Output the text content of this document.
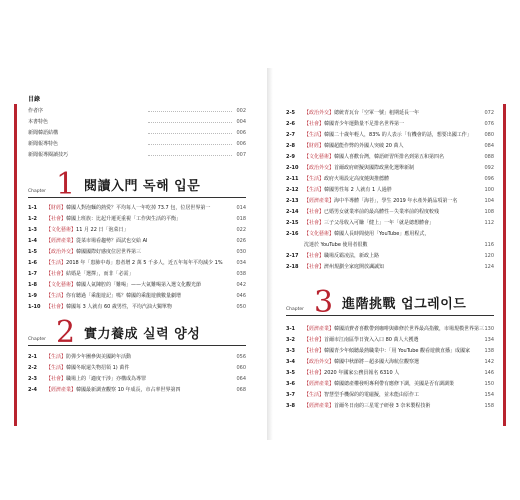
目錄
作者序	002
本書特色	004
新聞韓語結構	006
新聞報導特色	006
新聞報導閱讀技巧	007
Chapter 1 閱讀入門 독해 입문
1-1	【財經】韓國人對泡麵的熱愛？平均每人一年吃掉 73.7 包，位居世界第一	014
1-2	【社會】韓國上班族：比起升遷更重視「工作與生活的平衡」	018
1-3	【文化藝術】11 月 22 日「泡菜日」	022
1-4	【經濟產業】從菜市場看趨勢？面試也交給 AI	026
1-5	【政治外交】韓國國際好感度位居世界第三	030
1-6	【生活】2018 年「患肺中毒」患者增 2 萬 5 千多人，近五年每年平均減少 1%	034
1-7	【社會】結婚是「選擇」，而非「必需」	038
1-8	【文化藝術】韓國人氣陳腔的「難喝」——大氣難喝第入選文化觀光節	042
1-9	【生活】你有聽過「乘龍遊記」嗎？韓國的乘龍遊戲數量劇增	046
1-10	【社會】韓國每 3 人就有 60 歲男性，平均汽油大獨單物	050
Chapter 2 實力養成 실력 양성
2-1	【生活】防彈少年團參與美國跨年活動	056
2-2	【生活】韓國冬眠還失物招領 1) 萬件	060
2-3	【社會】職場上的「適度干涉」亦構成為導罪	064
2-4	【經濟產業】韓國最新調查觀察 10 年成長，市占率世界第四	068
2-5	【政治外交】總統青瓦台「空軍一號」租期延長一年	072
2-6	【社會】韓國青少年運動量不足排名世界第一	076
2-7	【生活】韓國二十歲年輕人，83% 的人表示「有機會的話，想要出國工作」	080
2-8	【財經】韓國超能作弊的外國人突破 20 萬人	084
2-9	【文化藝術】韓國人喜歡台灣，韓語研習所排名到第五和第四名	088
2-10	【政治外交】首爾政府研擬與國際政黨化選舉新制	092
2-11	【生活】政府火場設定高度燒與推薦體	096
2-12	【生活】韓國男性每 2 人就有 1 人過胖	100
2-13	【經濟產業】海中半導體「海苔」，學生 2019 年水產外銷品項第一名	104
2-14	【社會】已婚男女就業率前的最高體性－失業率前的程度較残	108
2-15	【社會】三子父母收入可賺「健上」一年「就是總想體會」	112
2-16	【文化藝術】韓國人長時間使用「YouTube」應用程式，
沈迷於 YouTube 使用者很數	116
2-17	【社會】職場反霸凌法，新政上路	120
2-18	【社會】濟州規劃全家庭開放諷誠知	124
Chapter 3 進階挑戰 업그레이드
3-1	【經濟產業】韓國消費者喜歡帶到咖啡與維修於世界最高指數，市場規模世界第三 130
3-2	【社會】首爾市江南區學日資入入口 80 萬人大獲選	134
3-3	【社會】韓國青少年傾聽最熱職業中：「用 YouTube 觀看遊戲直播」成國家	138
3-4	【政治外交】韓國中秋節將－超多國大海航位觀察選	142
3-5	【社會】2020 年國家公務員報名 6310 人	146
3-6	【經濟產業】韓國總產權發明專利帶有應修下調，美國是否有調調策	150
3-7	【生活】智慧型手機保的的電磁擬，並未能由原作工	154
3-8	【經濟產業】首爾冬日南的三星電子研發 3 奈米製程技術	158
